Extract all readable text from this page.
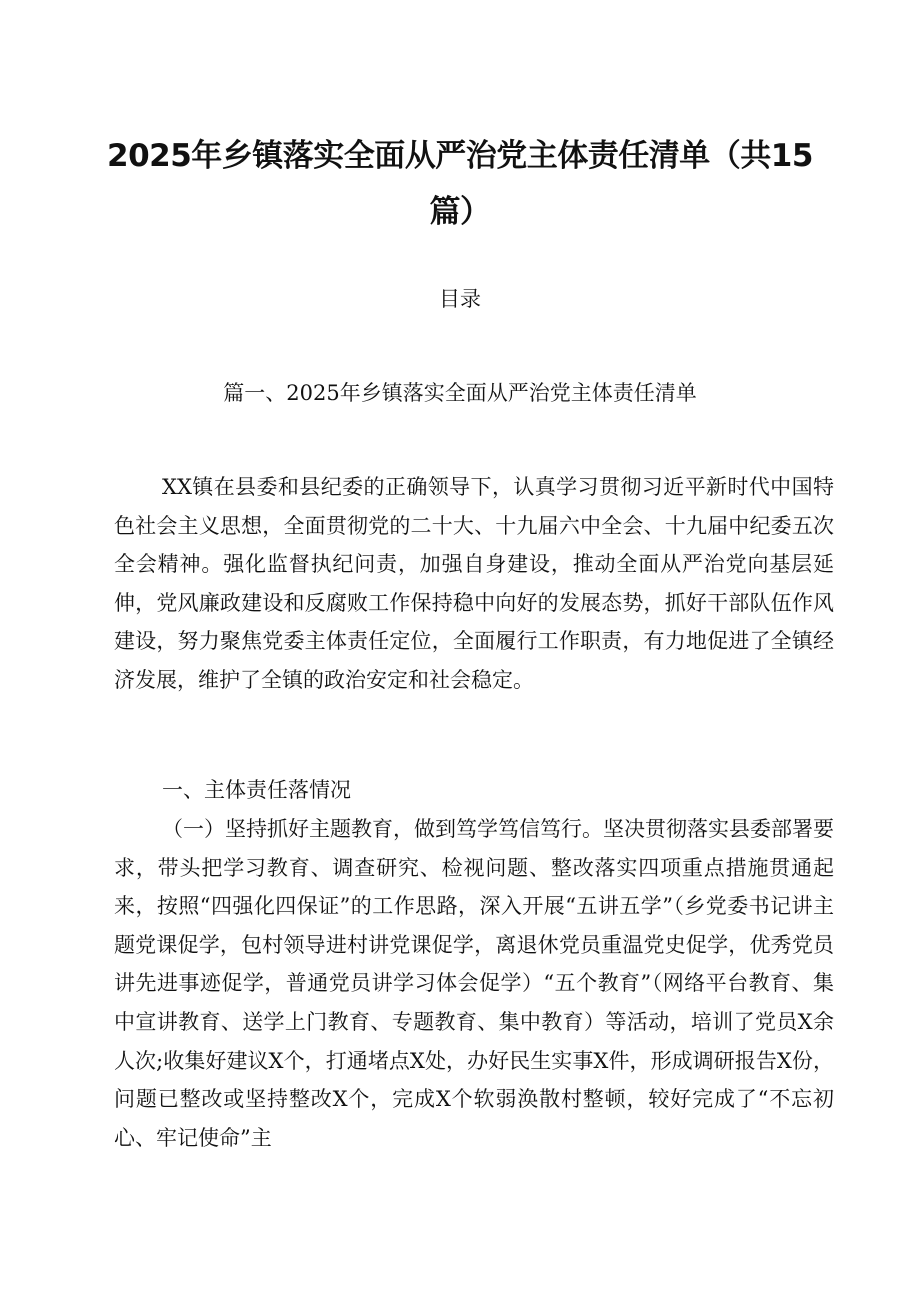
2025年乡镇落实全面从严治党主体责任清单（共15篇）
目录
篇一、2025年乡镇落实全面从严治党主体责任清单

XX镇在县委和县纪委的正确领导下，认真学习贯彻习近平新时代中国特色社会主义思想，全面贯彻党的二十大、十九届六中全会、十九届中纪委五次全会精神。强化监督执纪问责，加强自身建设，推动全面从严治党向基层延伸，党风廉政建设和反腐败工作保持稳中向好的发展态势，抓好干部队伍作风建设，努力聚焦党委主体责任定位，全面履行工作职责，有力地促进了全镇经济发展，维护了全镇的政治安定和社会稳定。

一、主体责任落情况

（一）坚持抓好主题教育，做到笃学笃信笃行。坚决贯彻落实县委部署要求，带头把学习教育、调查研究、检视问题、整改落实四项重点措施贯通起来，按照“四强化四保证”的工作思路，深入开展“五讲五学”（乡党委书记讲主题党课促学，包村领导进村讲党课促学，离退休党员重温党史促学，优秀党员讲先进事迹促学，普通党员讲学习体会促学）“五个教育”（网络平台教育、集中宣讲教育、送学上门教育、专题教育、集中教育）等活动，培训了党员X余人次;收集好建议X个，打通堵点X处，办好民生实事X件，形成调研报告X份，问题已整改或坚持整改X个，完成X个软弱涣散村整顿，较好完成了“不忘初心、牢记使命”主
